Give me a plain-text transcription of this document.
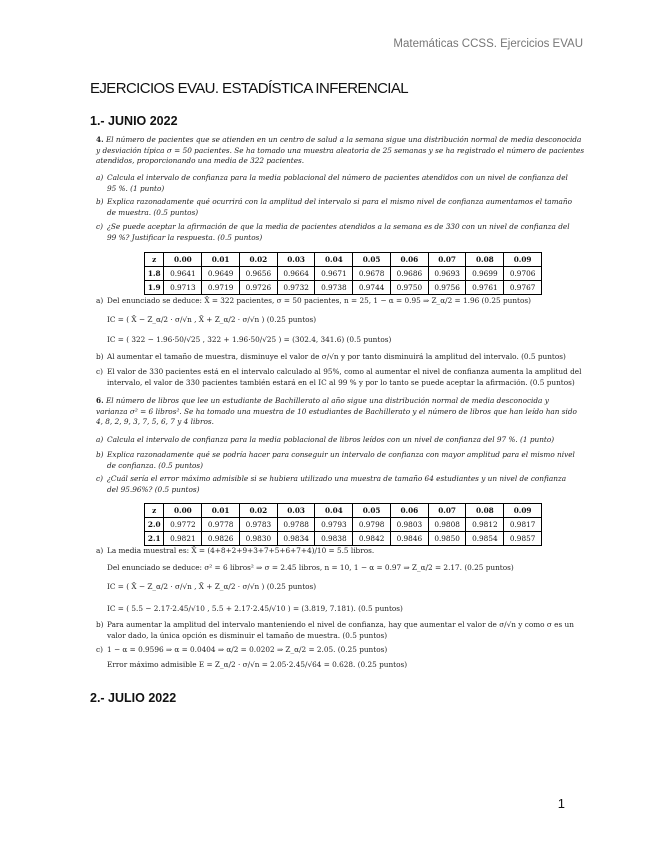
Matemáticas CCSS. Ejercicios EVAU
EJERCICIOS EVAU. ESTADÍSTICA INFERENCIAL
1.- JUNIO 2022
4. El número de pacientes que se atienden en un centro de salud a la semana sigue una distribución normal de media desconocida
y desviación típica σ = 50 pacientes. Se ha tomado una muestra aleatoria de 25 semanas y se ha registrado el número de pacientes
atendidos, proporcionando una media de 322 pacientes.
a) Calcula el intervalo de confianza para la media poblacional del número de pacientes atendidos con un nivel de confianza del
95 %. (1 punto)
b) Explica razonadamente qué ocurrirá con la amplitud del intervalo si para el mismo nivel de confianza aumentamos el tamaño
de muestra. (0.5 puntos)
c) ¿Se puede aceptar la afirmación de que la media de pacientes atendidos a la semana es de 330 con un nivel de confianza del
99 %? Justificar la respuesta. (0.5 puntos)
z	0.00	0.01	0.02	0.03	0.04	0.05	0.06	0.07	0.08	0.09
1.8	0.9641	0.9649	0.9656	0.9664	0.9671	0.9678	0.9686	0.9693	0.9699	0.9706
1.9	0.9713	0.9719	0.9726	0.9732	0.9738	0.9744	0.9750	0.9756	0.9761	0.9767
a) Del enunciado se deduce: X̄ = 322 pacientes, σ = 50 pacientes, n = 25, 1 − α = 0.95 ⇒ Z_α/2 = 1.96 (0.25 puntos)
IC = ( X̄ − Z_α/2 · σ/√n , X̄ + Z_α/2 · σ/√n ) (0.25 puntos)
IC = ( 322 − 1.96·50/√25 , 322 + 1.96·50/√25 ) = (302.4, 341.6) (0.5 puntos)
b) Al aumentar el tamaño de muestra, disminuye el valor de σ/√n y por tanto disminuirá la amplitud del intervalo. (0.5 puntos)
c) El valor de 330 pacientes está en el intervalo calculado al 95%, como al aumentar el nivel de confianza aumenta la amplitud del
intervalo, el valor de 330 pacientes también estará en el IC al 99 % y por lo tanto se puede aceptar la afirmación. (0.5 puntos)
6. El número de libros que lee un estudiante de Bachillerato al año sigue una distribución normal de media desconocida y
varianza σ² = 6 libros². Se ha tomado una muestra de 10 estudiantes de Bachillerato y el número de libros que han leído han sido
4, 8, 2, 9, 3, 7, 5, 6, 7 y 4 libros.
a) Calcula el intervalo de confianza para la media poblacional de libros leídos con un nivel de confianza del 97 %. (1 punto)
b) Explica razonadamente qué se podría hacer para conseguir un intervalo de confianza con mayor amplitud para el mismo nivel
de confianza. (0.5 puntos)
c) ¿Cuál sería el error máximo admisible si se hubiera utilizado una muestra de tamaño 64 estudiantes y un nivel de confianza
del 95.96%? (0.5 puntos)
z	0.00	0.01	0.02	0.03	0.04	0.05	0.06	0.07	0.08	0.09
2.0	0.9772	0.9778	0.9783	0.9788	0.9793	0.9798	0.9803	0.9808	0.9812	0.9817
2.1	0.9821	0.9826	0.9830	0.9834	0.9838	0.9842	0.9846	0.9850	0.9854	0.9857
a) La media muestral es: X̄ = (4+8+2+9+3+7+5+6+7+4)/10 = 5.5 libros.
Del enunciado se deduce: σ² = 6 libros² ⇒ σ = 2.45 libros, n = 10, 1 − α = 0.97 ⇒ Z_α/2 = 2.17. (0.25 puntos)
IC = ( X̄ − Z_α/2 · σ/√n , X̄ + Z_α/2 · σ/√n ) (0.25 puntos)
IC = ( 5.5 − 2.17·2.45/√10 , 5.5 + 2.17·2.45/√10 ) = (3.819, 7.181). (0.5 puntos)
b) Para aumentar la amplitud del intervalo manteniendo el nivel de confianza, hay que aumentar el valor de σ/√n y como σ es un
valor dado, la única opción es disminuir el tamaño de muestra. (0.5 puntos)
c) 1 − α = 0.9596 ⇒ α = 0.0404 ⇒ α/2 = 0.0202 ⇒ Z_α/2 = 2.05. (0.25 puntos)
Error máximo admisible E = Z_α/2 · σ/√n = 2.05·2.45/√64 = 0.628. (0.25 puntos)
2.- JULIO 2022
1
